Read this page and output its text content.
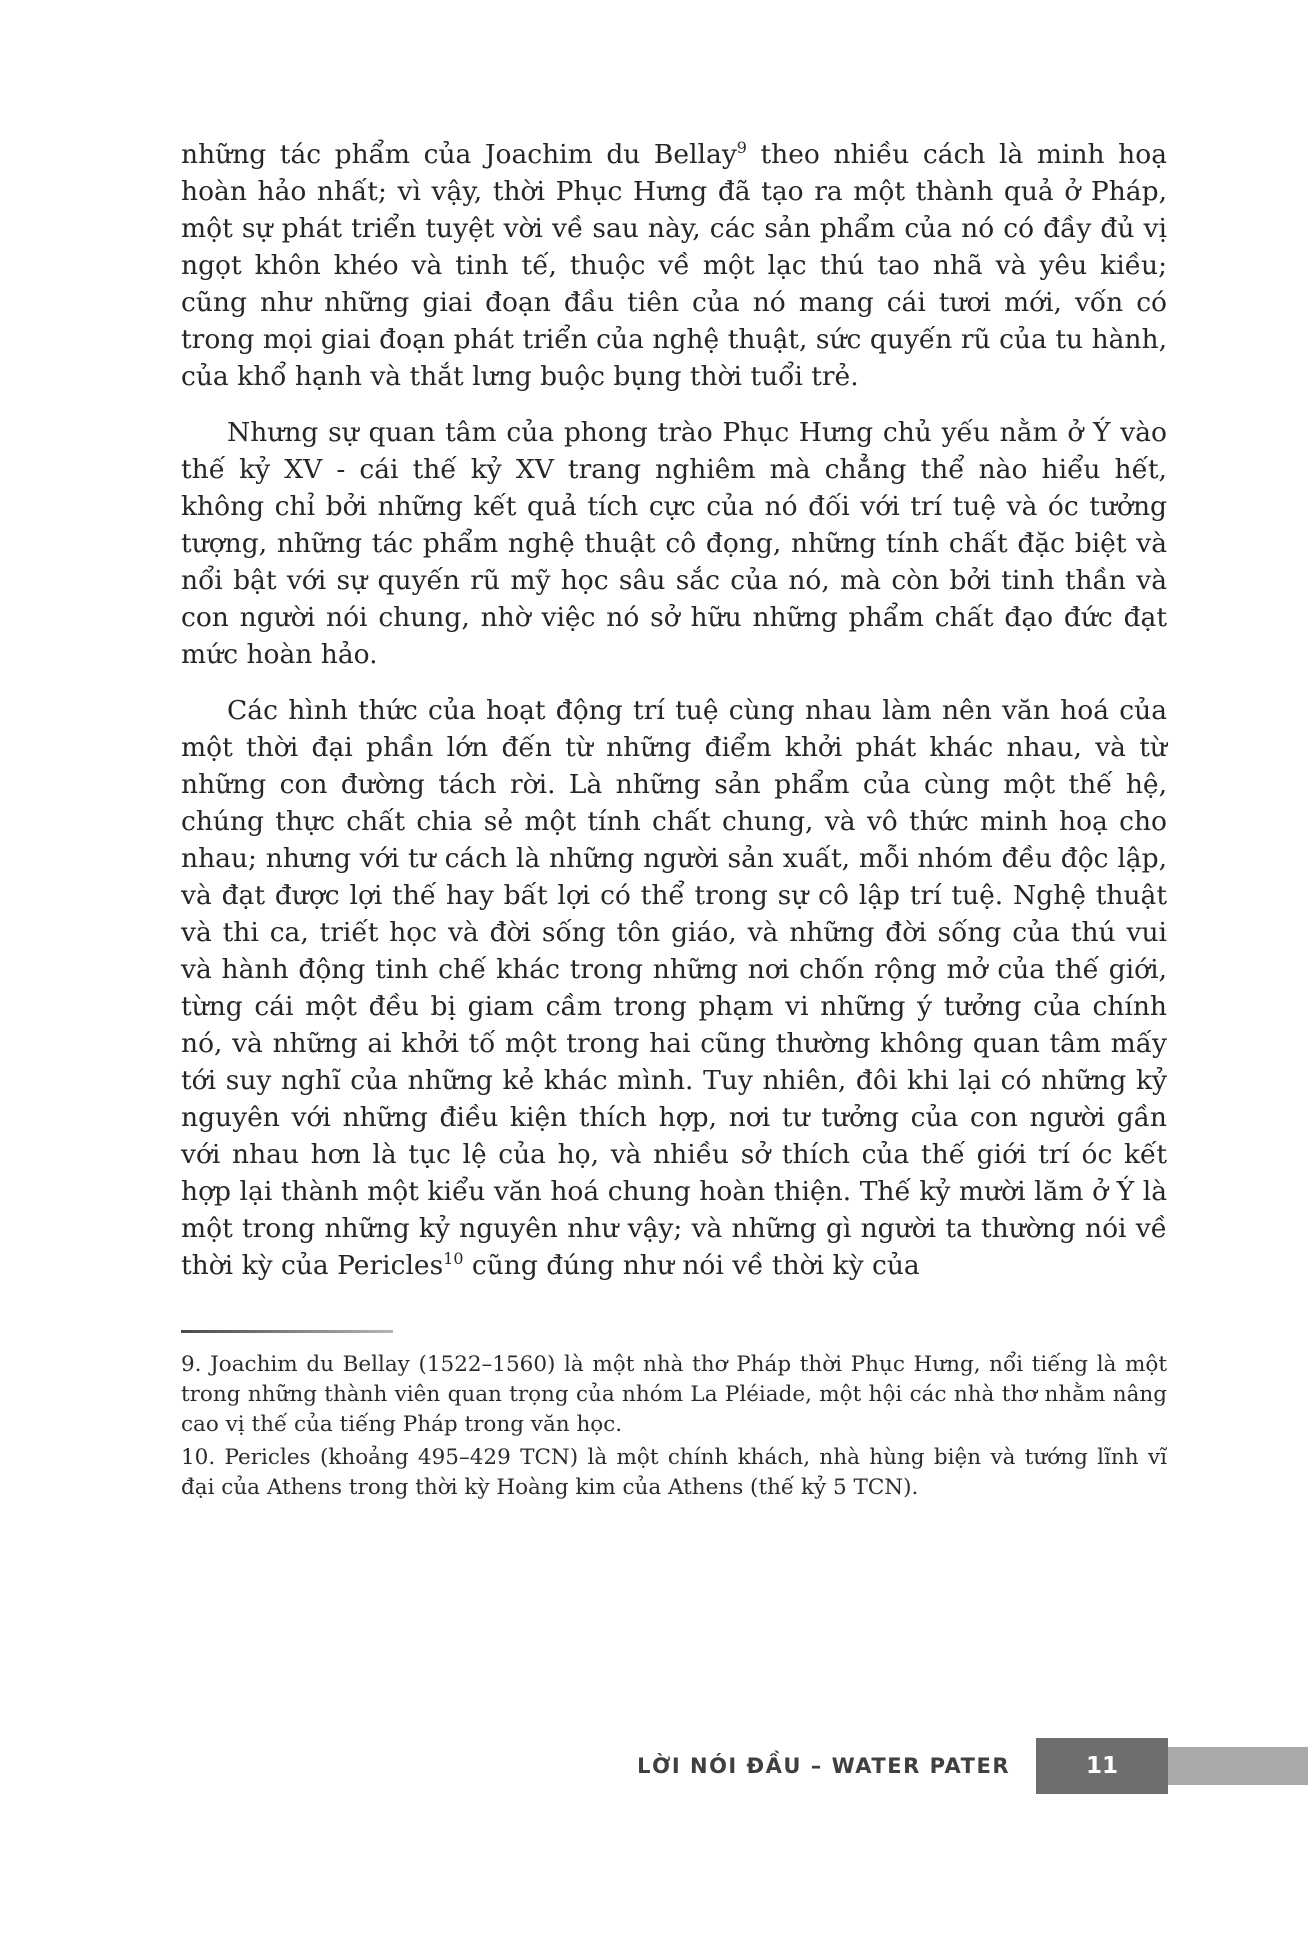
những tác phẩm của Joachim du Bellay$^9$ theo nhiều cách là minh hoạ hoàn hảo nhất; vì vậy, thời Phục Hưng đã tạo ra một thành quả ở Pháp, một sự phát triển tuyệt vời về sau này, các sản phẩm của nó có đầy đủ vị ngọt khôn khéo và tinh tế, thuộc về một lạc thú tao nhã và yêu kiều; cũng như những giai đoạn đầu tiên của nó mang cái tươi mới, vốn có trong mọi giai đoạn phát triển của nghệ thuật, sức quyến rũ của tu hành, của khổ hạnh và thắt lưng buộc bụng thời tuổi trẻ.

Nhưng sự quan tâm của phong trào Phục Hưng chủ yếu nằm ở Ý vào thế kỷ XV - cái thế kỷ XV trang nghiêm mà chẳng thể nào hiểu hết, không chỉ bởi những kết quả tích cực của nó đối với trí tuệ và óc tưởng tượng, những tác phẩm nghệ thuật cô đọng, những tính chất đặc biệt và nổi bật với sự quyến rũ mỹ học sâu sắc của nó, mà còn bởi tinh thần và con người nói chung, nhờ việc nó sở hữu những phẩm chất đạo đức đạt mức hoàn hảo.

Các hình thức của hoạt động trí tuệ cùng nhau làm nên văn hoá của một thời đại phần lớn đến từ những điểm khởi phát khác nhau, và từ những con đường tách rời. Là những sản phẩm của cùng một thế hệ, chúng thực chất chia sẻ một tính chất chung, và vô thức minh hoạ cho nhau; nhưng với tư cách là những người sản xuất, mỗi nhóm đều độc lập, và đạt được lợi thế hay bất lợi có thể trong sự cô lập trí tuệ. Nghệ thuật và thi ca, triết học và đời sống tôn giáo, và những đời sống của thú vui và hành động tinh chế khác trong những nơi chốn rộng mở của thế giới, từng cái một đều bị giam cầm trong phạm vi những ý tưởng của chính nó, và những ai khởi tố một trong hai cũng thường không quan tâm mấy tới suy nghĩ của những kẻ khác mình. Tuy nhiên, đôi khi lại có những kỷ nguyên với những điều kiện thích hợp, nơi tư tưởng của con người gần với nhau hơn là tục lệ của họ, và nhiều sở thích của thế giới trí óc kết hợp lại thành một kiểu văn hoá chung hoàn thiện. Thế kỷ mười lăm ở Ý là một trong những kỷ nguyên như vậy; và những gì người ta thường nói về thời kỳ của Pericles$^{10}$ cũng đúng như nói về thời kỳ của

9. Joachim du Bellay (1522–1560) là một nhà thơ Pháp thời Phục Hưng, nổi tiếng là một trong những thành viên quan trọng của nhóm La Pléiade, một hội các nhà thơ nhằm nâng cao vị thế của tiếng Pháp trong văn học.

10. Pericles (khoảng 495–429 TCN) là một chính khách, nhà hùng biện và tướng lĩnh vĩ đại của Athens trong thời kỳ Hoàng kim của Athens (thế kỷ 5 TCN).

LỜI NÓI ĐẦU – WATER PATER	11
